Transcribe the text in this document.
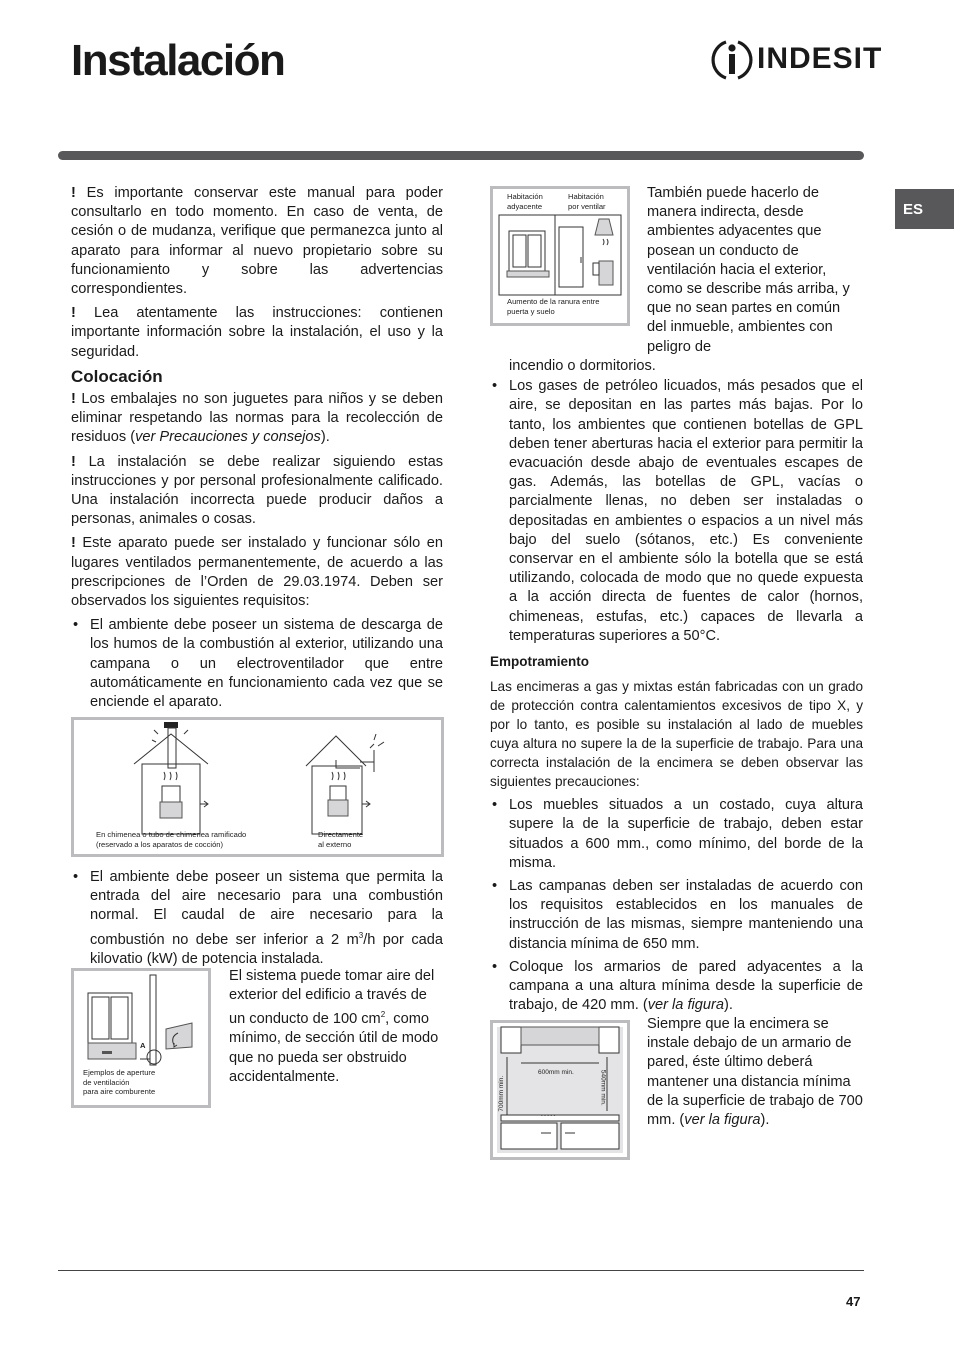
Instalación	INDESIT
ES

! Es importante conservar este manual para poder consultarlo en todo momento. En caso de venta, de cesión o de mudanza, verifique que permanezca junto al aparato para informar al nuevo propietario sobre su funcionamiento y sobre las advertencias correspondientes.

! Lea atentamente las instrucciones: contienen importante información sobre la instalación, el uso y la seguridad.

Colocación

! Los embalajes no son juguetes para niños y se deben eliminar respetando las normas para la recolección de residuos (ver Precauciones y consejos).

! La instalación se debe realizar siguiendo estas instrucciones y por personal profesionalmente calificado. Una instalación incorrecta puede producir daños a personas, animales o cosas.

! Este aparato puede ser instalado y funcionar sólo en lugares ventilados permanentemente, de acuerdo a las prescripciones de l’Orden de 29.03.1974. Deben ser observados los siguientes requisitos:

• El ambiente debe poseer un sistema de descarga de los humos de la combustión al exterior, utilizando una campana o un electroventilador que entre automáticamente en funcionamiento cada vez que se enciende el aparato.
En chimenea o tubo de chimenea ramificado
(reservado a los aparatos de cocción)
Directamente
al externo
• El ambiente debe poseer un sistema que permita la entrada del aire necesario para una combustión normal. El caudal de aire necesario para la combustión no debe ser inferior a 2 $m^3/h$ por cada kilovatio (kW) de potencia instalada.
A
Ejemplos de aperture
de ventilación
para aire comburente

El sistema puede tomar aire del exterior del edificio a través de un conducto de 100 $cm^2$, como mínimo, de sección útil de modo que no pueda ser obstruido accidentalmente.

Habitación
adyacente
Habitación
por ventilar
Aumento de la ranura entre
puerta y suelo

También puede hacerlo de manera indirecta, desde ambientes adyacentes que posean un conducto de ventilación hacia el exterior, como se describe más arriba, y que no sean partes en común del inmueble, ambientes con peligro de

incendio o dormitorios.

• Los gases de petróleo licuados, más pesados que el aire, se depositan en las partes más bajas. Por lo tanto, los ambientes que contienen botellas de GPL deben tener aberturas hacia el exterior para permitir la evacuación desde abajo de eventuales escapes de gas. Además, las botellas de GPL, vacías o parcialmente llenas, no deben ser instaladas o depositadas en ambientes o espacios a un nivel más bajo del suelo (sótanos, etc.) Es conveniente conservar en el ambiente sólo la botella que se está utilizando, colocada de modo que no quede expuesta a la acción directa de fuentes de calor (hornos, chimeneas, estufas, etc.) capaces de llevarla a temperaturas superiores a 50°C.
Empotramiento

Las encimeras a gas y mixtas están fabricadas con un grado de protección contra calentamientos excesivos de tipo X, y por lo tanto, es posible su instalación al lado de muebles cuya altura no supere la de la superficie de trabajo. Para una correcta instalación de la encimera se deben observar las siguientes precauciones:

• Los muebles situados a un costado, cuya altura supere la de la superficie de trabajo, deben estar situados a 600 mm., como mínimo, del borde de la misma.
• Las campanas deben ser instaladas de acuerdo con los requisitos establecidos en los manuales de instrucción de las mismas, siempre manteniendo una distancia mínima de 650 mm.
• Coloque los armarios de pared adyacentes a la campana a una altura mínima desde la superficie de trabajo, de 420 mm. (ver la figura).
• • • • •
600mm min.
700mm min.	540mm min.

Siempre que la encimera se instale debajo de un armario de pared, éste último deberá mantener una distancia mínima de la superficie de trabajo de 700 mm. (ver la figura).

47
